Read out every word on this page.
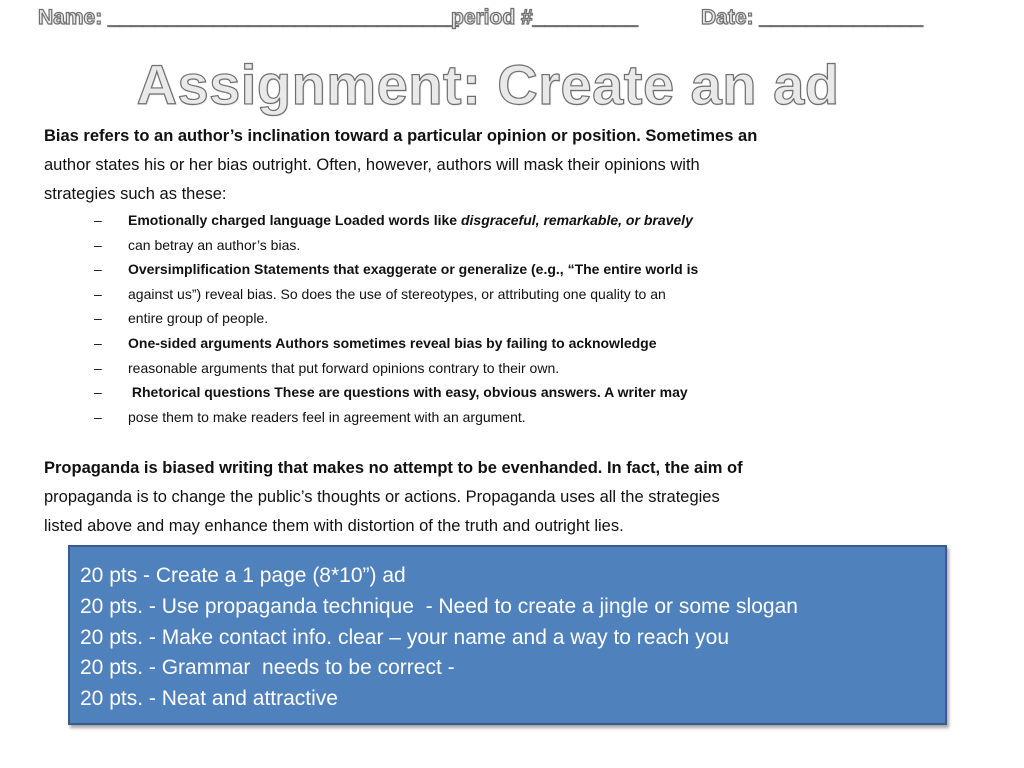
Name: ______________________________
period #_________	Date: ______________
Assignment: Create an ad
Bias refers to an author’s inclination toward a particular opinion or position. Sometimes an
author states his or her bias outright. Often, however, authors will mask their opinions with
strategies such as these:
– Emotionally charged language Loaded words like disgraceful, remarkable, or bravely
– can betray an author’s bias.
– Oversimplification Statements that exaggerate or generalize (e.g., “The entire world is
– against us”) reveal bias. So does the use of stereotypes, or attributing one quality to an
– entire group of people.
– One-sided arguments Authors sometimes reveal bias by failing to acknowledge
– reasonable arguments that put forward opinions contrary to their own.
– Rhetorical questions These are questions with easy, obvious answers. A writer may
– pose them to make readers feel in agreement with an argument.
Propaganda is biased writing that makes no attempt to be evenhanded. In fact, the aim of
propaganda is to change the public’s thoughts or actions. Propaganda uses all the strategies
listed above and may enhance them with distortion of the truth and outright lies.
20 pts - Create a 1 page (8*10”) ad
20 pts. - Use propaganda technique  - Need to create a jingle or some slogan
20 pts. - Make contact info. clear – your name and a way to reach you
20 pts. - Grammar  needs to be correct -
20 pts. - Neat and attractive
